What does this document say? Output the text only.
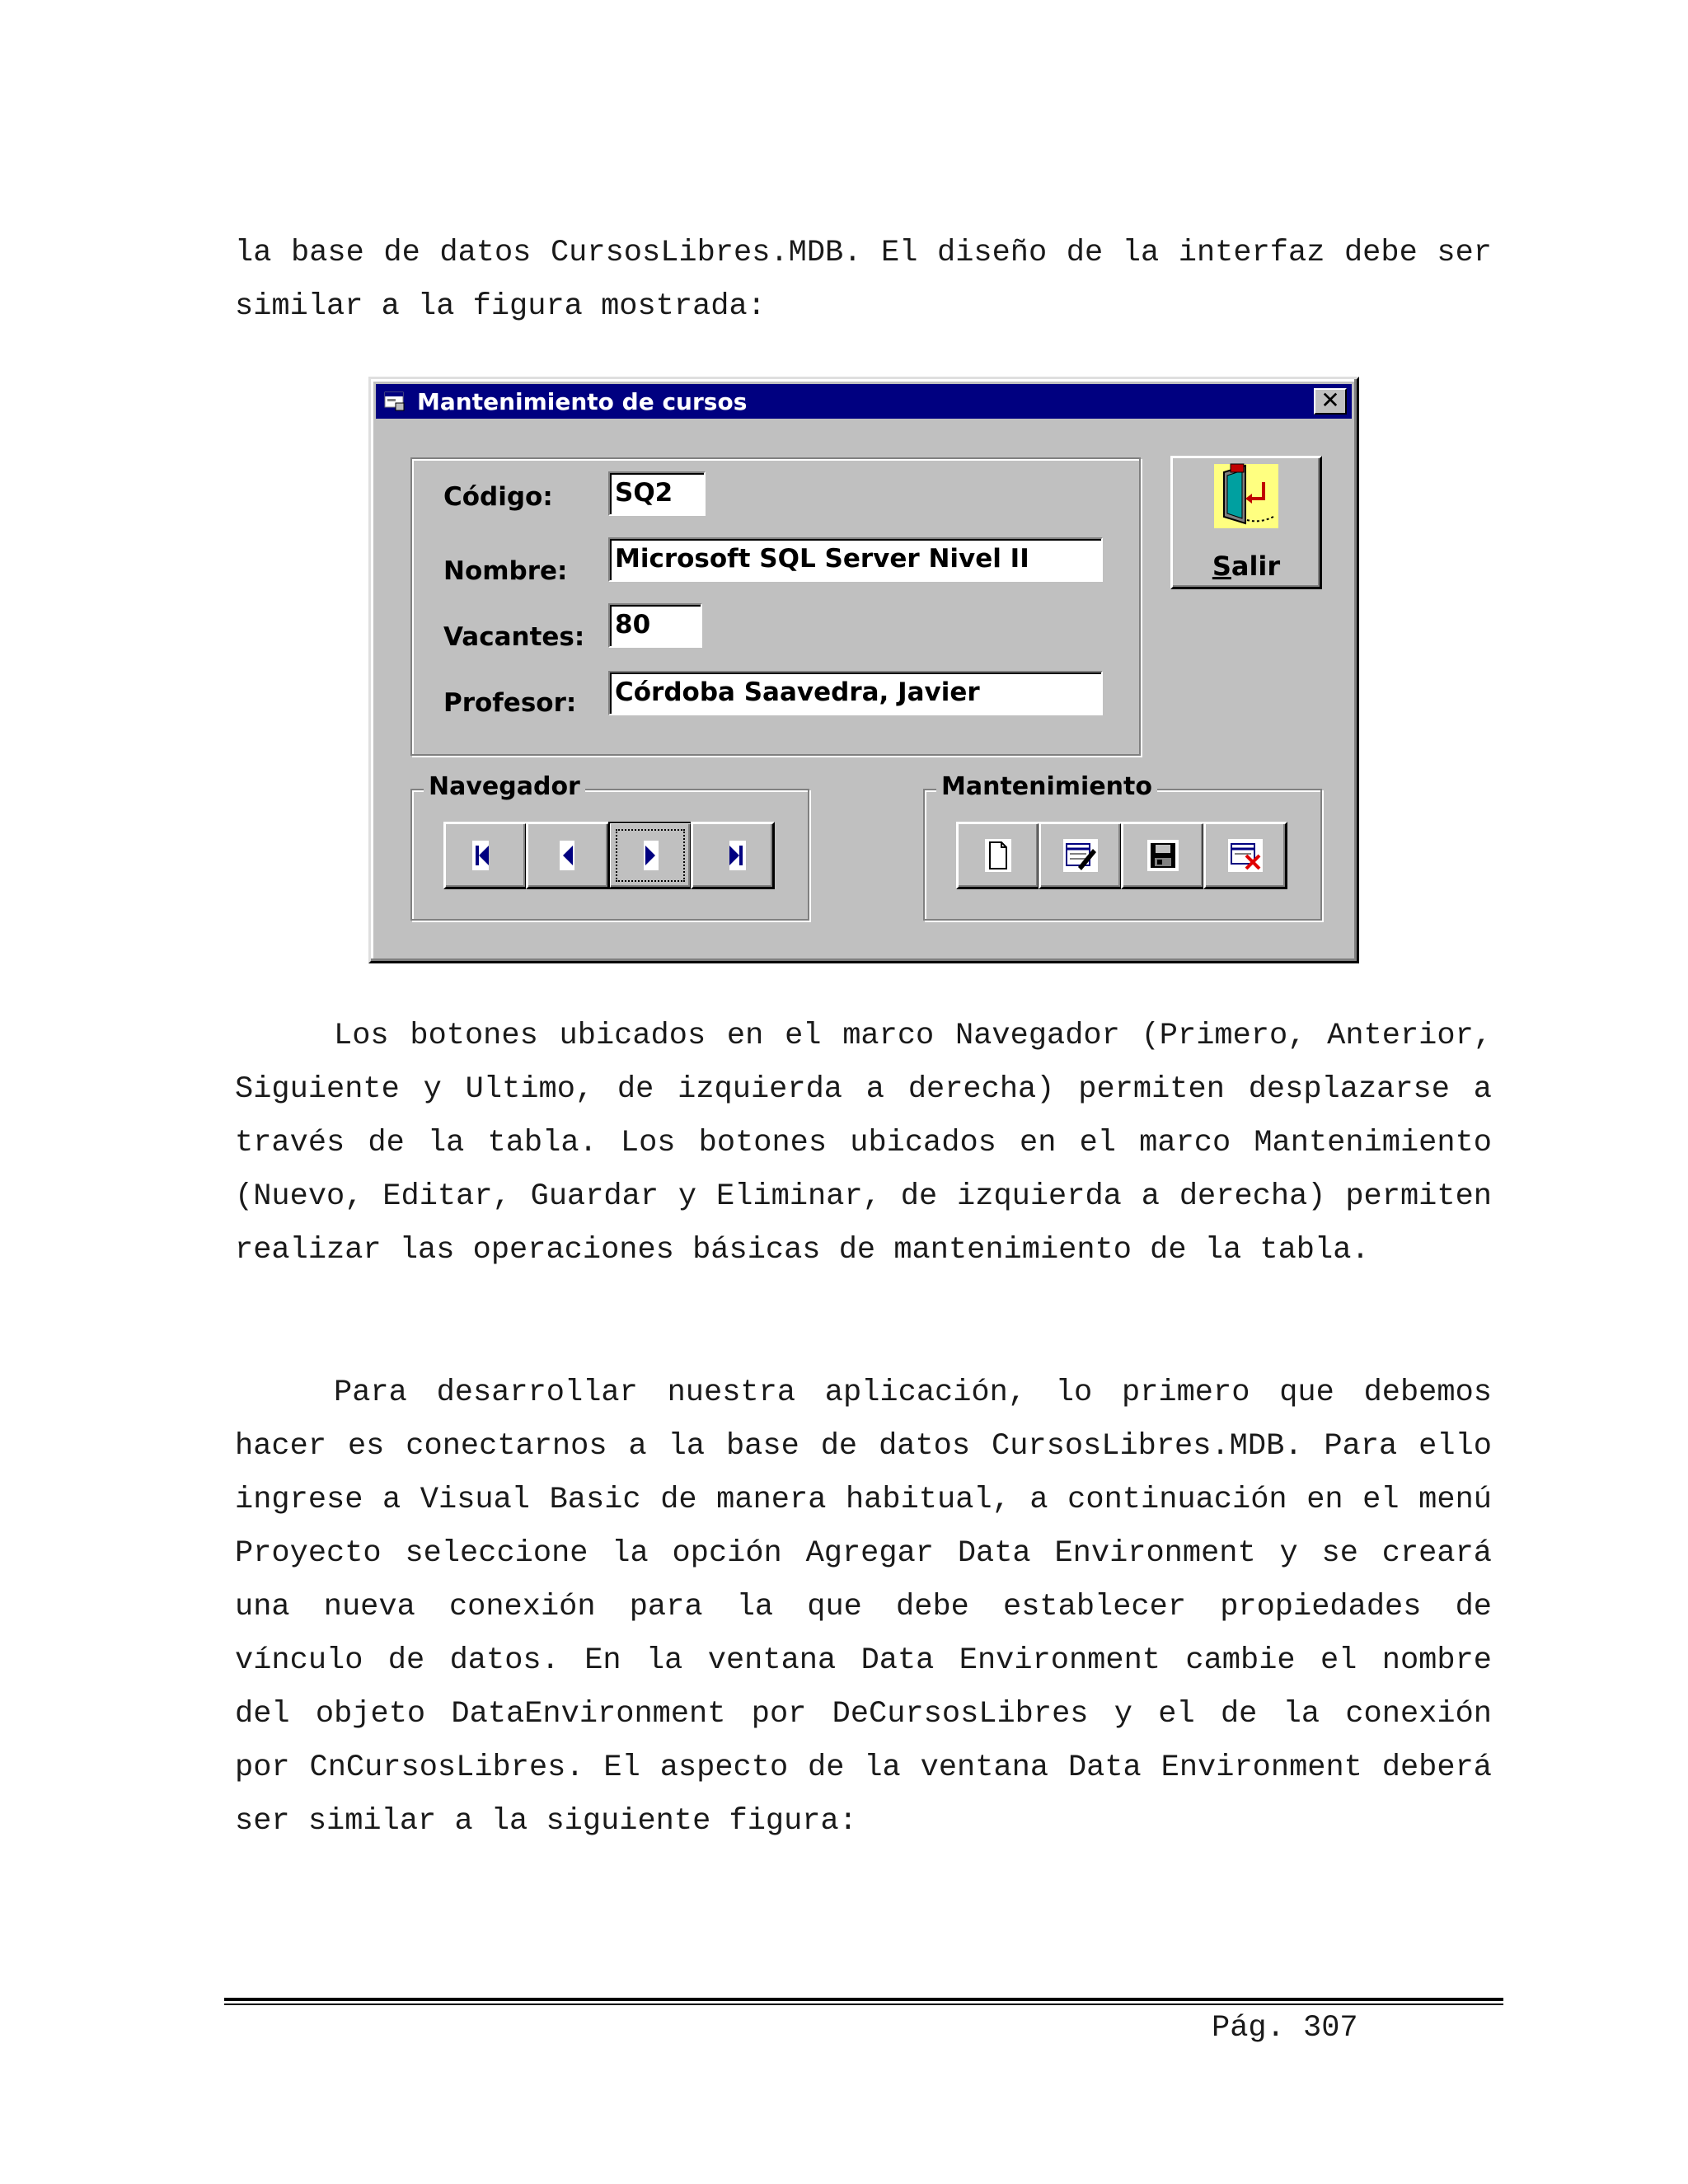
la base de datos CursosLibres.MDB. El diseño de la interfaz debe ser similar a la figura mostrada:

Mantenimiento de cursos	✕
Código: SQ2
Nombre: Microsoft SQL Server Nivel II
Vacantes: 80
Profesor: Córdoba Saavedra, Javier
Salir
Navegador	Mantenimiento

Los botones ubicados en el marco Navegador (Primero, Anterior, Siguiente y Ultimo, de izquierda a derecha) permiten desplazarse a través de la tabla. Los botones ubicados en el marco Mantenimiento (Nuevo, Editar, Guardar y Eliminar, de izquierda a derecha) permiten realizar las operaciones básicas de mantenimiento de la tabla.

Para desarrollar nuestra aplicación, lo primero que debemos hacer es conectarnos a la base de datos CursosLibres.MDB. Para ello ingrese a Visual Basic de manera habitual, a continuación en el menú Proyecto seleccione la opción Agregar Data Environment y se creará una nueva conexión para la que debe establecer propiedades de vínculo de datos. En la ventana Data Environment cambie el nombre del objeto DataEnvironment por DeCursosLibres y el de la conexión por CnCursosLibres. El aspecto de la ventana Data Environment deberá ser similar a la siguiente figura:

Pág. 307
